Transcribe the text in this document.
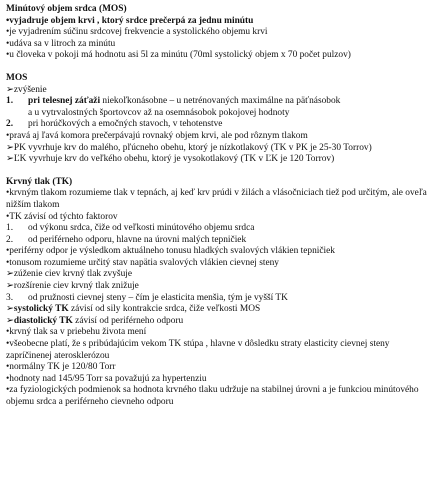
Minútový objem srdca (MOS)
•vyjadruje objem krvi , ktorý srdce prečerpá za jednu minútu
•je vyjadrením súčinu srdcovej frekvencie a systolického objemu krvi
•udáva sa v litroch za minútu
•u človeka v pokoji má hodnotu asi 5l za minútu (70ml systolický objem x 70 počet pulzov)
MOS
➢zvýšenie
1. pri telesnej záťaži niekoľkonásobne – u netrénovaných maximálne na päťnásobok
a u vytrvalostných športovcov až na osemnásobok pokojovej hodnoty
2. pri horúčkových a emočných stavoch, v tehotenstve
•pravá aj ľavá komora prečerpávajú rovnaký objem krvi, ale pod rôznym tlakom
➢PK vyvrhuje krv do malého, pľúcneho obehu, ktorý je nízkotlakový (TK v PK je 25-30 Torrov)
➢ĽK vyvrhuje krv do veľkého obehu, ktorý je vysokotlakový (TK v ĽK je 120 Torrov)
Krvný tlak (TK)
•krvným tlakom rozumieme tlak v tepnách, aj keď krv prúdi v žilách a vlásočniciach tiež pod určitým, ale oveľa nižším tlakom
•TK závisí od týchto faktorov
1. od výkonu srdca, čiže od veľkosti minútového objemu srdca
2. od periférneho odporu, hlavne na úrovni malých tepničiek
•periférny odpor je výsledkom aktuálneho tonusu hladkých svalových vlákien tepničiek
•tonusom rozumieme určitý stav napätia svalových vlákien cievnej steny
➢zúženie ciev krvný tlak zvyšuje
➢rozšírenie ciev krvný tlak znižuje
3. od pružnosti cievnej steny – čím je elasticita menšia, tým je vyšší TK
➢systolický TK závisí od sily kontrakcie srdca, čiže veľkosti MOS
➢diastolický TK závisí od periférneho odporu
•krvný tlak sa v priebehu života mení
•všeobecne platí, že s pribúdajúcim vekom TK stúpa , hlavne v dôsledku straty elasticity cievnej steny zapríčinenej aterosklerózou
•normálny TK je 120/80 Torr
•hodnoty nad 145/95 Torr sa považujú za hypertenziu
•za fyziologických podmienok sa hodnota krvného tlaku udržuje na stabilnej úrovni a je funkciou minútového objemu srdca a periférneho cievneho odporu
